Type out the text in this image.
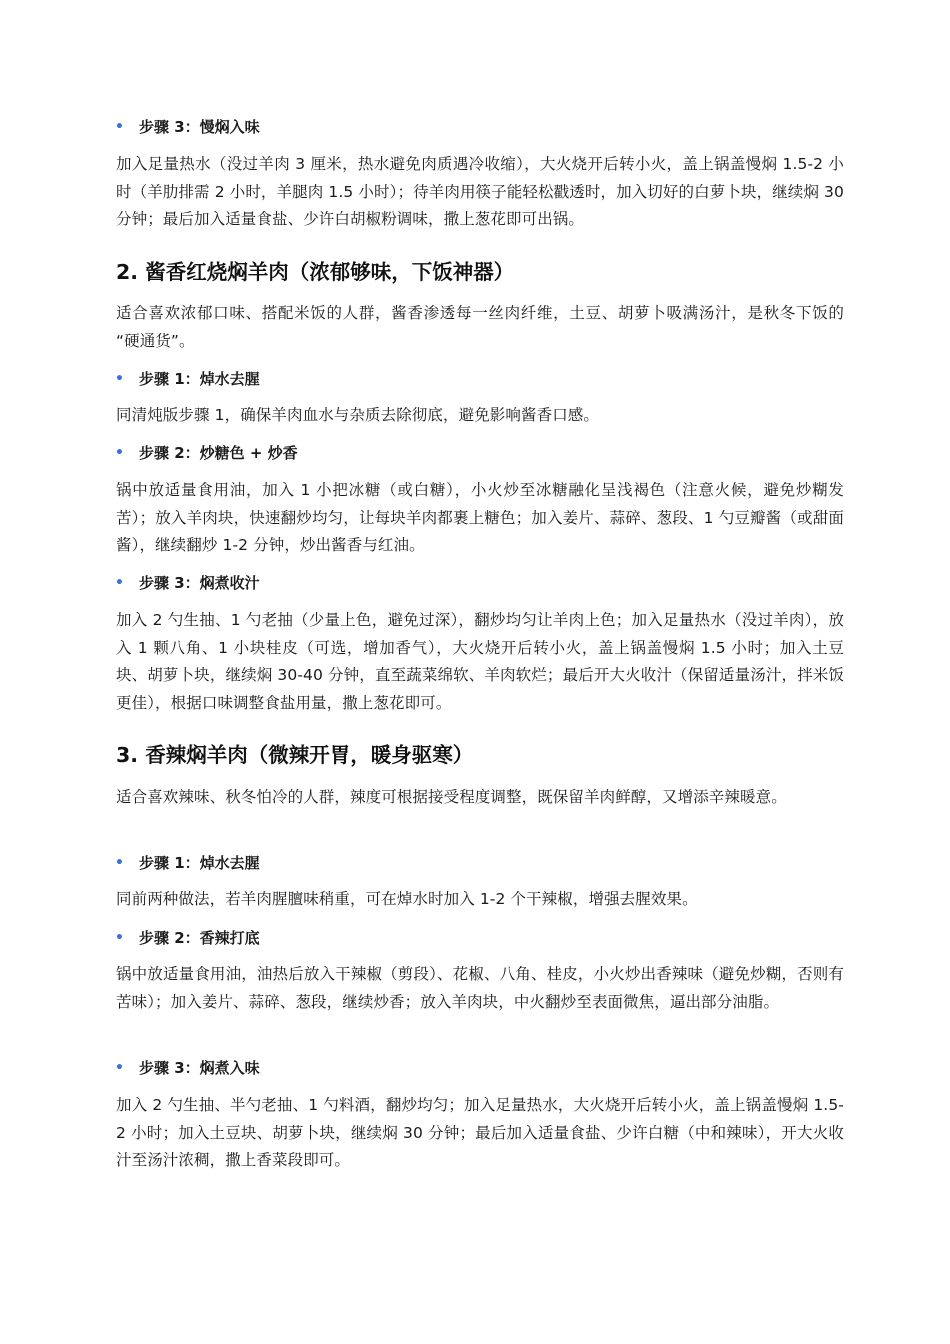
• 步骤 3：慢焖入味

加入足量热水（没过羊肉 3 厘米，热水避免肉质遇冷收缩），大火烧开后转小火，盖上锅盖慢焖 1.5-2 小时（羊肋排需 2 小时，羊腿肉 1.5 小时）；待羊肉用筷子能轻松戳透时，加入切好的白萝卜块，继续焖 30 分钟；最后加入适量食盐、少许白胡椒粉调味，撒上葱花即可出锅。

2. 酱香红烧焖羊肉（浓郁够味，下饭神器）

适合喜欢浓郁口味、搭配米饭的人群，酱香渗透每一丝肉纤维，土豆、胡萝卜吸满汤汁，是秋冬下饭的 “硬通货”。

• 步骤 1：焯水去腥

同清炖版步骤 1，确保羊肉血水与杂质去除彻底，避免影响酱香口感。

• 步骤 2：炒糖色 + 炒香

锅中放适量食用油，加入 1 小把冰糖（或白糖），小火炒至冰糖融化呈浅褐色（注意火候，避免炒糊发苦）；放入羊肉块，快速翻炒均匀，让每块羊肉都裹上糖色；加入姜片、蒜碎、葱段、1 勺豆瓣酱（或甜面酱），继续翻炒 1-2 分钟，炒出酱香与红油。

• 步骤 3：焖煮收汁

加入 2 勺生抽、1 勺老抽（少量上色，避免过深），翻炒均匀让羊肉上色；加入足量热水（没过羊肉），放入 1 颗八角、1 小块桂皮（可选，增加香气），大火烧开后转小火，盖上锅盖慢焖 1.5 小时；加入土豆块、胡萝卜块，继续焖 30-40 分钟，直至蔬菜绵软、羊肉软烂；最后开大火收汁（保留适量汤汁，拌米饭更佳），根据口味调整食盐用量，撒上葱花即可。

3. 香辣焖羊肉（微辣开胃，暖身驱寒）

适合喜欢辣味、秋冬怕冷的人群，辣度可根据接受程度调整，既保留羊肉鲜醇，又增添辛辣暖意。

• 步骤 1：焯水去腥

同前两种做法，若羊肉腥膻味稍重，可在焯水时加入 1-2 个干辣椒，增强去腥效果。

• 步骤 2：香辣打底

锅中放适量食用油，油热后放入干辣椒（剪段）、花椒、八角、桂皮，小火炒出香辣味（避免炒糊，否则有苦味）；加入姜片、蒜碎、葱段，继续炒香；放入羊肉块，中火翻炒至表面微焦，逼出部分油脂。

• 步骤 3：焖煮入味

加入 2 勺生抽、半勺老抽、1 勺料酒，翻炒均匀；加入足量热水，大火烧开后转小火，盖上锅盖慢焖 1.5-2 小时；加入土豆块、胡萝卜块，继续焖 30 分钟；最后加入适量食盐、少许白糖（中和辣味），开大火收汁至汤汁浓稠，撒上香菜段即可。
